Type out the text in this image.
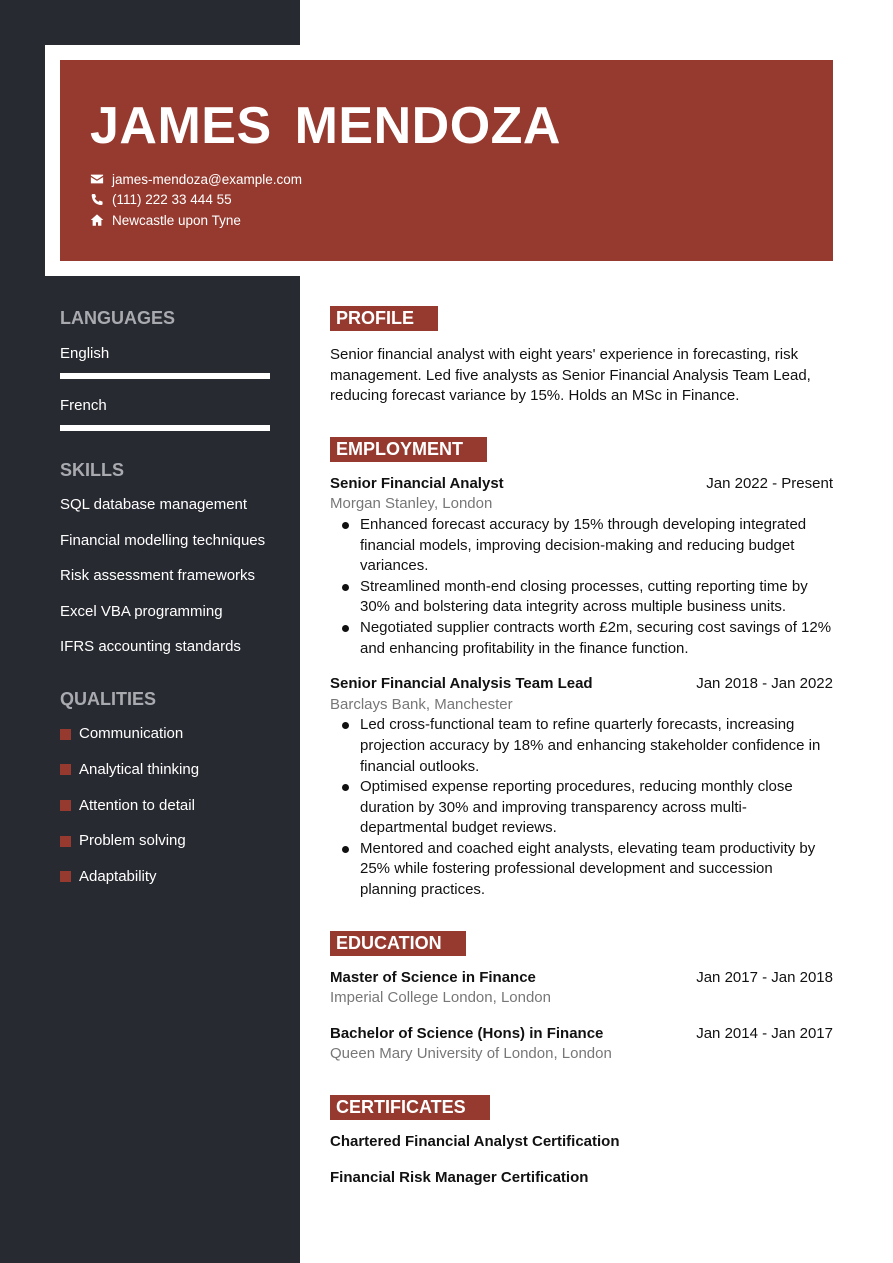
JAMES MENDOZA
james-mendoza@example.com
(111) 222 33 444 55
Newcastle upon Tyne
LANGUAGES
English
French
SKILLS
SQL database management
Financial modelling techniques
Risk assessment frameworks
Excel VBA programming
IFRS accounting standards
QUALITIES
Communication
Analytical thinking
Attention to detail
Problem solving
Adaptability
PROFILE

Senior financial analyst with eight years' experience in forecasting, risk management. Led five analysts as Senior Financial Analysis Team Lead, reducing forecast variance by 15%. Holds an MSc in Finance.

EMPLOYMENT
Senior Financial Analyst	Jan 2022 - Present
Morgan Stanley, London
Enhanced forecast accuracy by 15% through developing integrated financial models, improving decision-making and reducing budget variances.
Streamlined month-end closing processes, cutting reporting time by 30% and bolstering data integrity across multiple business units.
Negotiated supplier contracts worth £2m, securing cost savings of 12% and enhancing profitability in the finance function.
Senior Financial Analysis Team Lead	Jan 2018 - Jan 2022
Barclays Bank, Manchester
Led cross-functional team to refine quarterly forecasts, increasing projection accuracy by 18% and enhancing stakeholder confidence in financial outlooks.
Optimised expense reporting procedures, reducing monthly close duration by 30% and improving transparency across multi-departmental budget reviews.
Mentored and coached eight analysts, elevating team productivity by 25% while fostering professional development and succession planning practices.
EDUCATION
Master of Science in Finance	Jan 2017 - Jan 2018
Imperial College London, London
Bachelor of Science (Hons) in Finance	Jan 2014 - Jan 2017
Queen Mary University of London, London
CERTIFICATES
Chartered Financial Analyst Certification
Financial Risk Manager Certification
